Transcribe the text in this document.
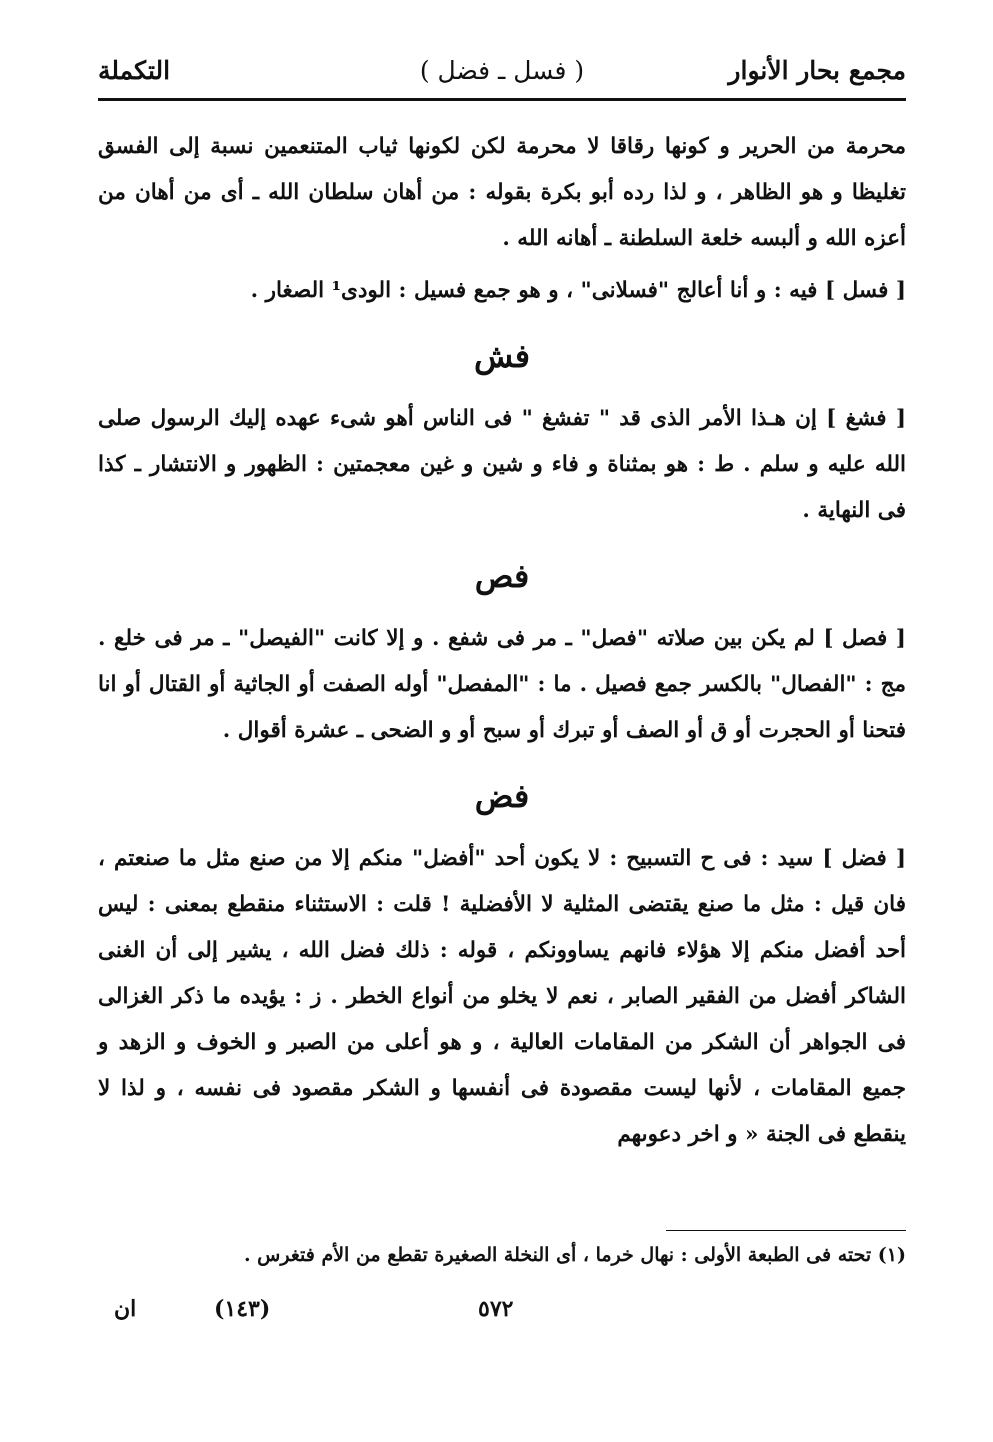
مجمع بحار الأنوار
( فسل ـ فضل )
التكملة

محرمة من الحرير و كونها رقاقا لا محرمة لكن لكونها ثياب المتنعمين نسبة إلى الفسق تغليظا و هو الظاهر ، و لذا رده أبو بكرة بقوله : من أهان سلطان الله ـ أى من أهان من أعزه الله و ألبسه خلعة السلطنة ـ أهانه الله .

[ فسل ] فيه : و أنا أعالج "فسلانى" ، و هو جمع فسيل : الودى¹ الصغار .

فش

[ فشغ ] إن هـذا الأمر الذى قد " تفشغ " فى الناس أهو شىء عهده إليك الرسول صلى الله عليه و سلم . ط : هو بمثناة و فاء و شين و غين معجمتين : الظهور و الانتشار ـ كذا فى النهاية .

فص

[ فصل ] لم يكن بين صلاته "فصل" ـ مر فى شفع . و إلا كانت "الفيصل" ـ مر فى خلع . مج : "الفصال" بالكسر جمع فصيل . ما : "المفصل" أوله الصفت أو الجاثية أو القتال أو انا فتحنا أو الحجرت أو ق أو الصف أو تبرك أو سبح أو و الضحى ـ عشرة أقوال .

فض

[ فضل ] سيد : فى ح التسبيح : لا يكون أحد "أفضل" منكم إلا من صنع مثل ما صنعتم ، فان قيل : مثل ما صنع يقتضى المثلية لا الأفضلية ! قلت : الاستثناء منقطع بمعنى : ليس أحد أفضل منكم إلا هؤلاء فانهم يساوونكم ، قوله : ذلك فضل الله ، يشير إلى أن الغنى الشاكر أفضل من الفقير الصابر ، نعم لا يخلو من أنواع الخطر . ز : يؤيده ما ذكر الغزالى فى الجواهر أن الشكر من المقامات العالية ، و هو أعلى من الصبر و الخوف و الزهد و جميع المقامات ، لأنها ليست مقصودة فى أنفسها و الشكر مقصود فى نفسه ، و لذا لا ينقطع فى الجنة « و اخر دعوىهم

(١) تحته فى الطبعة الأولى : نهال خرما ، أى النخلة الصغيرة تقطع من الأم فتغرس .
٥٧٢
(١٤٣)
ان
